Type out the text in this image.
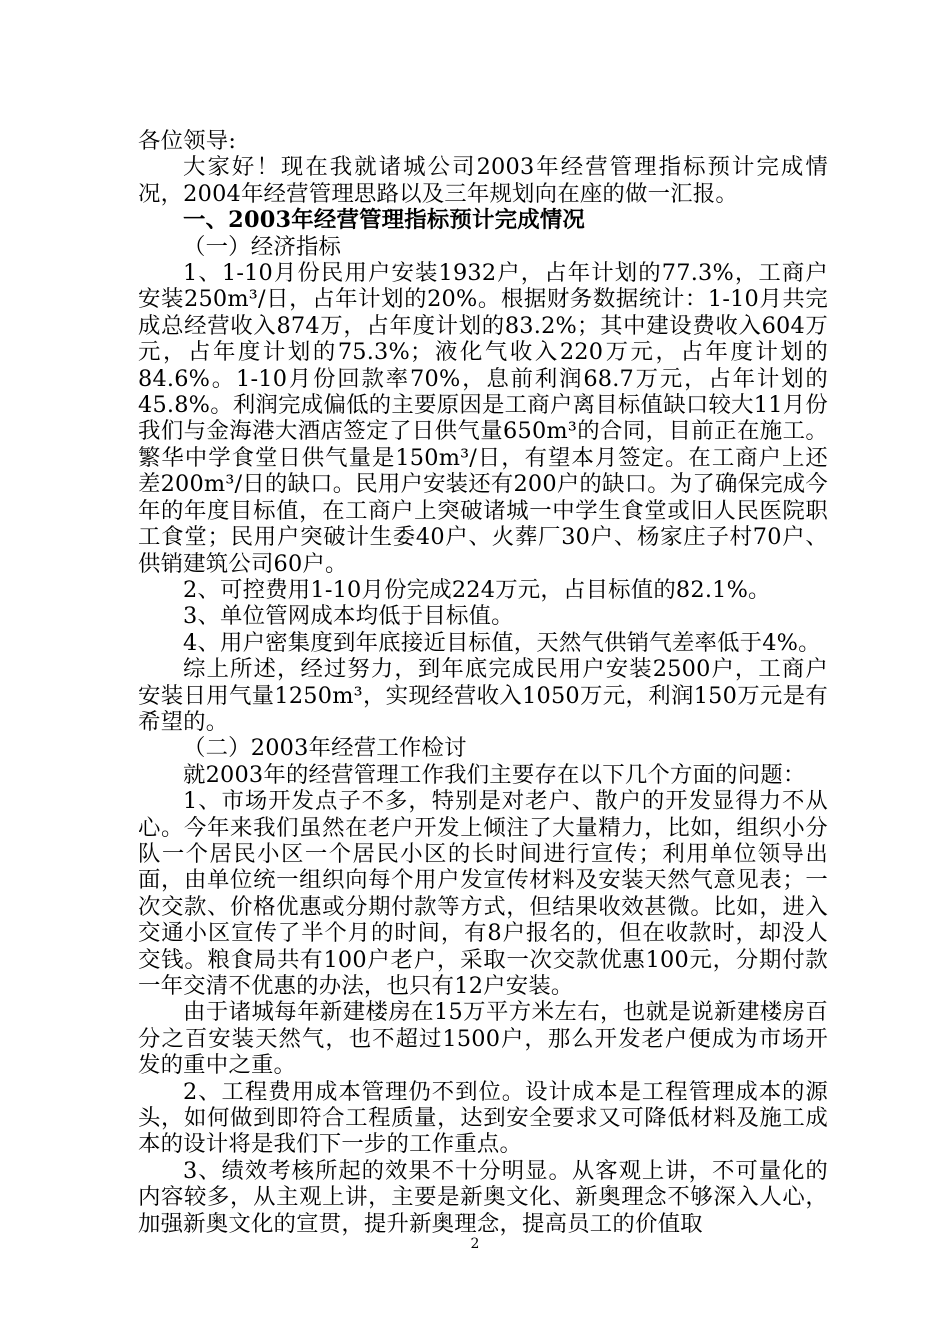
各位领导:

大家好！现在我就诸城公司2003年经营管理指标预计完成情况，2004年经营管理思路以及三年规划向在座的做一汇报。

一、2003年经营管理指标预计完成情况

（一）经济指标

1、1-10月份民用户安装1932户，占年计划的77.3%，工商户安装250m³/日，占年计划的20%。根据财务数据统计：1-10月共完成总经营收入874万，占年度计划的83.2%；其中建设费收入604万元，占年度计划的75.3%；液化气收入220万元，占年度计划的84.6%。1-10月份回款率70%，息前利润68.7万元，占年计划的45.8%。利润完成偏低的主要原因是工商户离目标值缺口较大11月份我们与金海港大酒店签定了日供气量650m³的合同，目前正在施工。繁华中学食堂日供气量是150m³/日，有望本月签定。在工商户上还差200m³/日的缺口。民用户安装还有200户的缺口。为了确保完成今年的年度目标值，在工商户上突破诸城一中学生食堂或旧人民医院职工食堂；民用户突破计生委40户、火葬厂30户、杨家庄子村70户、供销建筑公司60户。

2、可控费用1-10月份完成224万元，占目标值的82.1%。

3、单位管网成本均低于目标值。

4、用户密集度到年底接近目标值，天然气供销气差率低于4%。

综上所述，经过努力，到年底完成民用户安装2500户，工商户安装日用气量1250m³，实现经营收入1050万元，利润150万元是有希望的。

（二）2003年经营工作检讨

就2003年的经营管理工作我们主要存在以下几个方面的问题：

1、市场开发点子不多，特别是对老户、散户的开发显得力不从心。今年来我们虽然在老户开发上倾注了大量精力，比如，组织小分队一个居民小区一个居民小区的长时间进行宣传；利用单位领导出面，由单位统一组织向每个用户发宣传材料及安装天然气意见表；一次交款、价格优惠或分期付款等方式，但结果收效甚微。比如，进入交通小区宣传了半个月的时间，有8户报名的，但在收款时，却没人交钱。粮食局共有100户老户，采取一次交款优惠100元，分期付款一年交清不优惠的办法，也只有12户安装。

由于诸城每年新建楼房在15万平方米左右，也就是说新建楼房百分之百安装天然气，也不超过1500户，那么开发老户便成为市场开发的重中之重。

2、工程费用成本管理仍不到位。设计成本是工程管理成本的源头，如何做到即符合工程质量，达到安全要求又可降低材料及施工成本的设计将是我们下一步的工作重点。

3、绩效考核所起的效果不十分明显。从客观上讲，不可量化的内容较多，从主观上讲，主要是新奥文化、新奥理念不够深入人心，加强新奥文化的宣贯，提升新奥理念，提高员工的价值取

2
